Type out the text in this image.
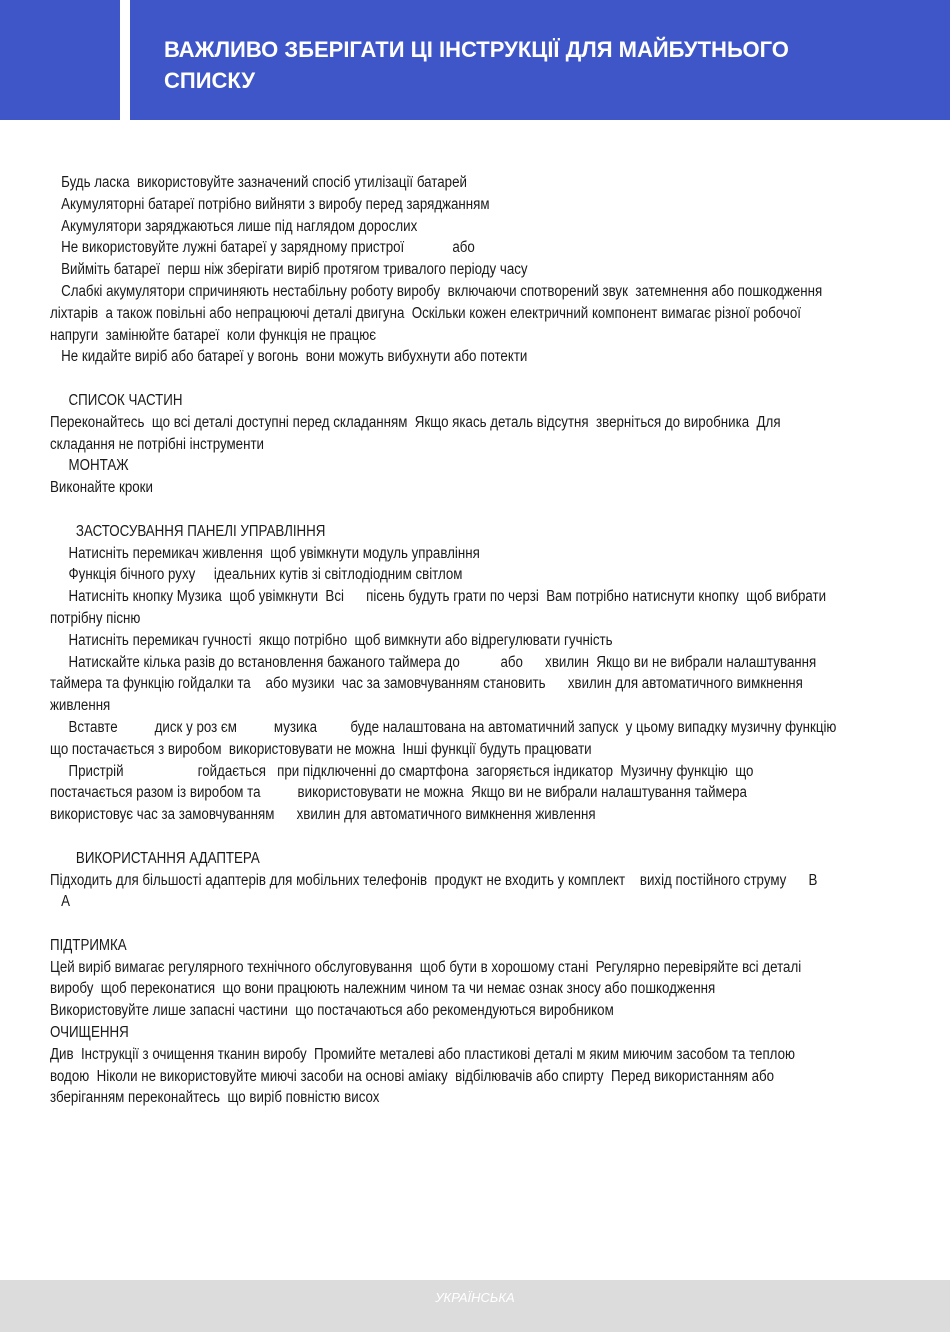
ВАЖЛИВО ЗБЕРІГАТИ ЦІ ІНСТРУКЦІЇ ДЛЯ МАЙБУТНЬОГО
СПИСКУ

Будь ласка  використовуйте зазначений спосіб утилізації батарей

Акумуляторні батареї потрібно вийняти з виробу перед заряджанням

Акумулятори заряджаються лише під наглядом дорослих

Не використовуйте лужні батареї у зарядному пристрої             або

Вийміть батареї  перш ніж зберігати виріб протягом тривалого періоду часу

Слабкі акумулятори спричиняють нестабільну роботу виробу  включаючи спотворений звук  затемнення або пошкодження

ліхтарів  а також повільні або непрацюючі деталі двигуна  Оскільки кожен електричний компонент вимагає різної робочої

напруги  замінюйте батареї  коли функція не працює

Не кидайте виріб або батареї у вогонь  вони можуть вибухнути або потекти

СПИСОК ЧАСТИН

Переконайтесь  що всі деталі доступні перед складанням  Якщо якась деталь відсутня  зверніться до виробника  Для

складання не потрібні інструменти

МОНТАЖ

Виконайте кроки

ЗАСТОСУВАННЯ ПАНЕЛІ УПРАВЛІННЯ

Натисніть перемикач живлення  щоб увімкнути модуль управління

Функція бічного руху     ідеальних кутів зі світлодіодним світлом

Натисніть кнопку Музика  щоб увімкнути  Всі      пісень будуть грати по черзі  Вам потрібно натиснути кнопку  щоб вибрати

потрібну пісню

Натисніть перемикач гучності  якщо потрібно  щоб вимкнути або відрегулювати гучність

Натискайте кілька разів до встановлення бажаного таймера до           або      хвилин  Якщо ви не вибрали налаштування

таймера та функцію гойдалки та    або музики  час за замовчуванням становить      хвилин для автоматичного вимкнення

живлення

Вставте          диск у роз єм          музика         буде налаштована на автоматичний запуск  у цьому випадку музичну функцію

що постачається з виробом  використовувати не можна  Інші функції будуть працювати

Пристрій                    гойдається   при підключенні до смартфона  загоряється індикатор  Музичну функцію  що

постачається разом із виробом та          використовувати не можна  Якщо ви не вибрали налаштування таймера

використовує час за замовчуванням      хвилин для автоматичного вимкнення живлення

ВИКОРИСТАННЯ АДАПТЕРА

Підходить для більшості адаптерів для мобільних телефонів  продукт не входить у комплект    вихід постійного струму      В

А

ПІДТРИМКА

Цей виріб вимагає регулярного технічного обслуговування  щоб бути в хорошому стані  Регулярно перевіряйте всі деталі

виробу  щоб переконатися  що вони працюють належним чином та чи немає ознак зносу або пошкодження

Використовуйте лише запасні частини  що постачаються або рекомендуються виробником

ОЧИЩЕННЯ

Див  Інструкції з очищення тканин виробу  Промийте металеві або пластикові деталі м яким миючим засобом та теплою

водою  Ніколи не використовуйте миючі засоби на основі аміаку  відбілювачів або спирту  Перед використанням або

зберіганням переконайтесь  що виріб повністю висох

УКРАЇНСЬКА
